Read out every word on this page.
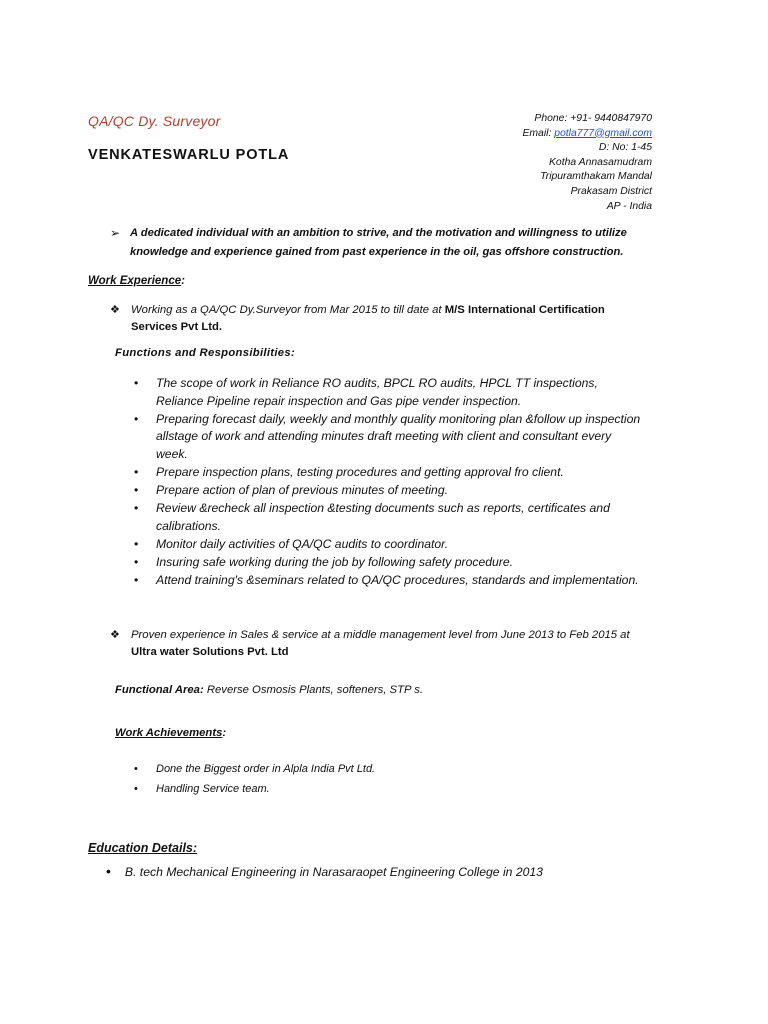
QA/QC Dy. Surveyor
VENKATESWARLU POTLA
Phone: +91- 9440847970
Email: potla777@gmail.com
D: No: 1-45
Kotha Annasamudram
Tripuramthakam Mandal
Prakasam District
AP - India
➢ A dedicated individual with an ambition to strive, and the motivation and willingness to utilize knowledge and experience gained from past experience in the oil, gas offshore construction.
Work Experience:
❖ Working as a QA/QC Dy.Surveyor from Mar 2015 to till date at M/S International Certification Services Pvt Ltd.
Functions and Responsibilities:
• The scope of work in Reliance RO audits, BPCL RO audits, HPCL TT inspections, Reliance Pipeline repair inspection and Gas pipe vender inspection.
• Preparing forecast daily, weekly and monthly quality monitoring plan &follow up inspection allstage of work and attending minutes draft meeting with client and consultant every week.
• Prepare inspection plans, testing procedures and getting approval fro client.
• Prepare action of plan of previous minutes of meeting.
• Review &recheck all inspection &testing documents such as reports, certificates and calibrations.
• Monitor daily activities of QA/QC audits to coordinator.
• Insuring safe working during the job by following safety procedure.
• Attend training's &seminars related to QA/QC procedures, standards and implementation.
❖ Proven experience in Sales & service at a middle management level from June 2013 to Feb 2015 at Ultra water Solutions Pvt. Ltd
Functional Area: Reverse Osmosis Plants, softeners, STP s.
Work Achievements:
• Done the Biggest order in Alpla India Pvt Ltd.
• Handling Service team.
Education Details:
• B. tech Mechanical Engineering in Narasaraopet Engineering College in 2013
